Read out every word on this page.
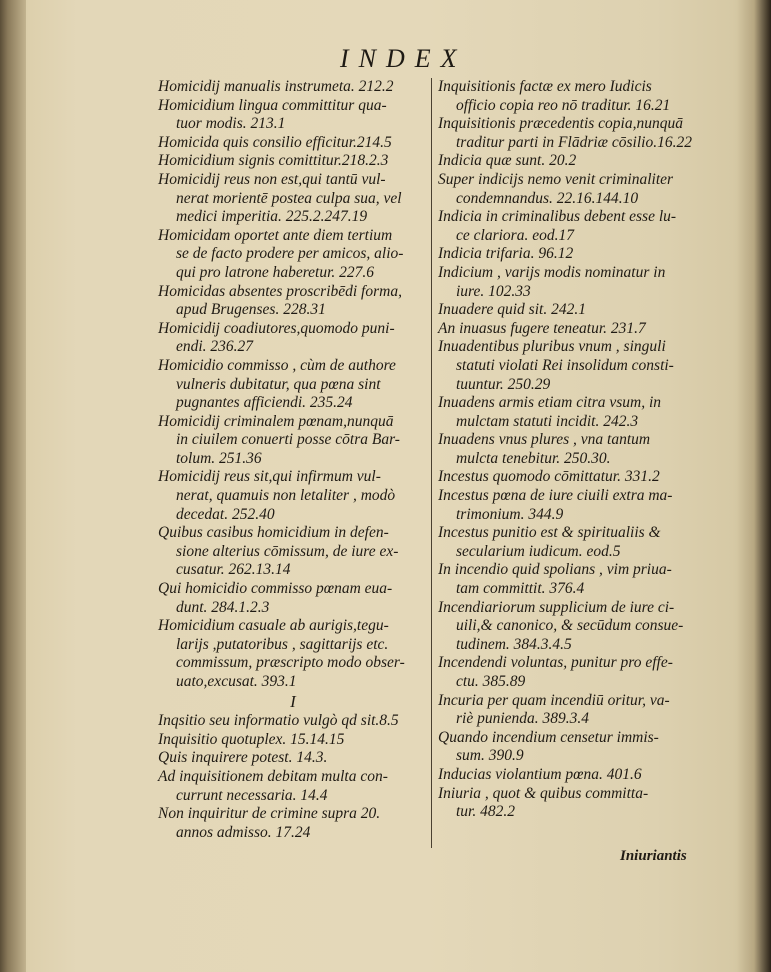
INDEX
Homicidij manualis instrumeta. 212.2
Homicidium lingua committitur qua-
tuor modis. 213.1
Homicida quis consilio efficitur.214.5
Homicidium signis comittitur.218.2.3
Homicidij reus non est,qui tantū vul-
nerat morientē postea culpa sua, vel
medici imperitia. 225.2.247.19
Homicidam oportet ante diem tertium
se de facto prodere per amicos, alio-
qui pro latrone haberetur. 227.6
Homicidas absentes proscribēdi forma,
apud Brugenses. 228.31
Homicidij coadiutores,quomodo puni-
endi. 236.27
Homicidio commisso , cùm de authore
vulneris dubitatur, qua pœna sint
pugnantes afficiendi. 235.24
Homicidij criminalem pœnam,nunquā
in ciuilem conuerti posse cōtra Bar-
tolum. 251.36
Homicidij reus sit,qui infirmum vul-
nerat, quamuis non letaliter , modò
decedat. 252.40
Quibus casibus homicidium in defen-
sione alterius cōmissum, de iure ex-
cusatur. 262.13.14
Qui homicidio commisso pœnam eua-
dunt. 284.1.2.3
Homicidium casuale ab aurigis,tegu-
larijs ,putatoribus , sagittarijs etc.
commissum, præscripto modo obser-
uato,excusat. 393.1
I
Inqsitio seu informatio vulgò qd sit.8.5
Inquisitio quotuplex. 15.14.15
Quis inquirere potest. 14.3.
Ad inquisitionem debitam multa con-
currunt necessaria. 14.4
Non inquiritur de crimine supra 20.
annos admisso. 17.24
Inquisitionis factæ ex mero Iudicis
officio copia reo nō traditur. 16.21
Inquisitionis præcedentis copia,nunquā
traditur parti in Flādriæ cōsilio.16.22
Indicia quæ sunt. 20.2
Super indicijs nemo venit criminaliter
condemnandus. 22.16.144.10
Indicia in criminalibus debent esse lu-
ce clariora. eod.17
Indicia trifaria. 96.12
Indicium , varijs modis nominatur in
iure. 102.33
Inuadere quid sit. 242.1
An inuasus fugere teneatur. 231.7
Inuadentibus pluribus vnum , singuli
statuti violati Rei insolidum consti-
tuuntur. 250.29
Inuadens armis etiam citra vsum, in
mulctam statuti incidit. 242.3
Inuadens vnus plures , vna tantum
mulcta tenebitur. 250.30.
Incestus quomodo cōmittatur. 331.2
Incestus pœna de iure ciuili extra ma-
trimonium. 344.9
Incestus punitio est & spiritualiis &
secularium iudicum. eod.5
In incendio quid spolians , vim priua-
tam committit. 376.4
Incendiariorum supplicium de iure ci-
uili,& canonico, & secūdum consue-
tudinem. 384.3.4.5
Incendendi voluntas, punitur pro effe-
ctu. 385.89
Incuria per quam incendiū oritur, va-
riè punienda. 389.3.4
Quando incendium censetur immis-
sum. 390.9
Inducias violantium pœna. 401.6
Iniuria , quot & quibus committa-
tur. 482.2
Iniuriantis
